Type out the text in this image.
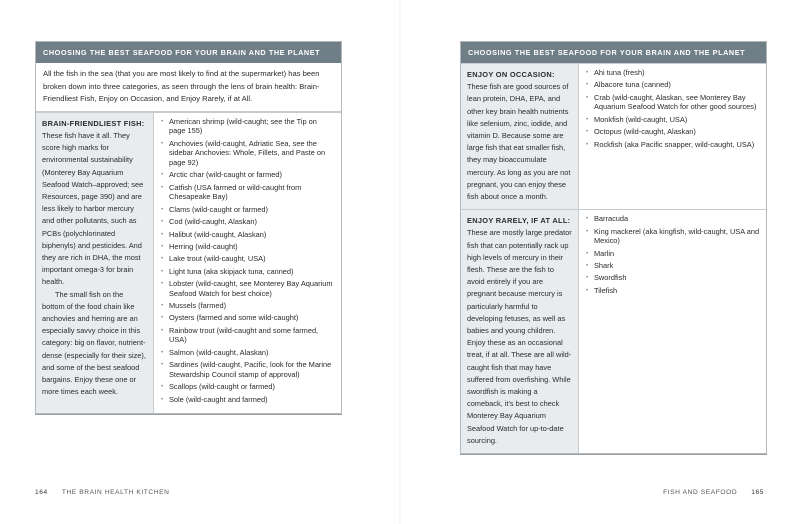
CHOOSING THE BEST SEAFOOD FOR YOUR BRAIN AND THE PLANET
All the fish in the sea (that you are most likely to find at the supermarket) has been broken down into three categories, as seen through the lens of brain health: Brain-Friendliest Fish, Enjoy on Occasion, and Enjoy Rarely, if at All.

BRAIN-FRIENDLIEST FISH: These fish have it all. They score high marks for environmental sustainability (Monterey Bay Aquarium Seafood Watch–approved; see Resources, page 390) and are less likely to harbor mercury and other pollutants, such as PCBs (polychlorinated biphenyls) and pesticides. And they are rich in DHA, the most important omega-3 for brain health.

The small fish on the bottom of the food chain like anchovies and herring are an especially savvy choice in this category: big on flavor, nutrient-dense (especially for their size), and some of the best seafood bargains. Enjoy these one or more times each week.

• American shrimp (wild-caught; see the Tip on page 155)
• Anchovies (wild-caught, Adriatic Sea, see the sidebar Anchovies: Whole, Fillets, and Paste on page 92)
• Arctic char (wild-caught or farmed)
• Catfish (USA farmed or wild-caught from Chesapeake Bay)
• Clams (wild-caught or farmed)
• Cod (wild-caught, Alaskan)
• Halibut (wild-caught, Alaskan)
• Herring (wild-caught)
• Lake trout (wild-caught, USA)
• Light tuna (aka skipjack tuna, canned)
• Lobster (wild-caught, see Monterey Bay Aquarium Seafood Watch for best choice)
• Mussels (farmed)
• Oysters (farmed and some wild-caught)
• Rainbow trout (wild-caught and some farmed, USA)
• Salmon (wild-caught, Alaskan)
• Sardines (wild-caught, Pacific, look for the Marine Stewardship Council stamp of approval)
• Scallops (wild-caught or farmed)
• Sole (wild-caught and farmed)
164 THE BRAIN HEALTH KITCHEN
CHOOSING THE BEST SEAFOOD FOR YOUR BRAIN AND THE PLANET

ENJOY ON OCCASION: These fish are good sources of lean protein, DHA, EPA, and other key brain health nutrients like selenium, zinc, iodide, and vitamin D. Because some are large fish that eat smaller fish, they may bioaccumulate mercury. As long as you are not pregnant, you can enjoy these fish about once a month.

• Ahi tuna (fresh)
• Albacore tuna (canned)
• Crab (wild-caught, Alaskan, see Monterey Bay Aquarium Seafood Watch for other good sources)
• Monkfish (wild-caught, USA)
• Octopus (wild-caught, Alaskan)
• Rockfish (aka Pacific snapper, wild-caught, USA)

ENJOY RARELY, IF AT ALL: These are mostly large predator fish that can potentially rack up high levels of mercury in their flesh. These are the fish to avoid entirely if you are pregnant because mercury is particularly harmful to developing fetuses, as well as babies and young children. Enjoy these as an occasional treat, if at all. These are all wild-caught fish that may have suffered from overfishing. While swordfish is making a comeback, it's best to check Monterey Bay Aquarium Seafood Watch for up-to-date sourcing.

• Barracuda
• King mackerel (aka kingfish, wild-caught, USA and Mexico)
• Marlin
• Shark
• Swordfish
• Tilefish
FISH AND SEAFOOD 165
